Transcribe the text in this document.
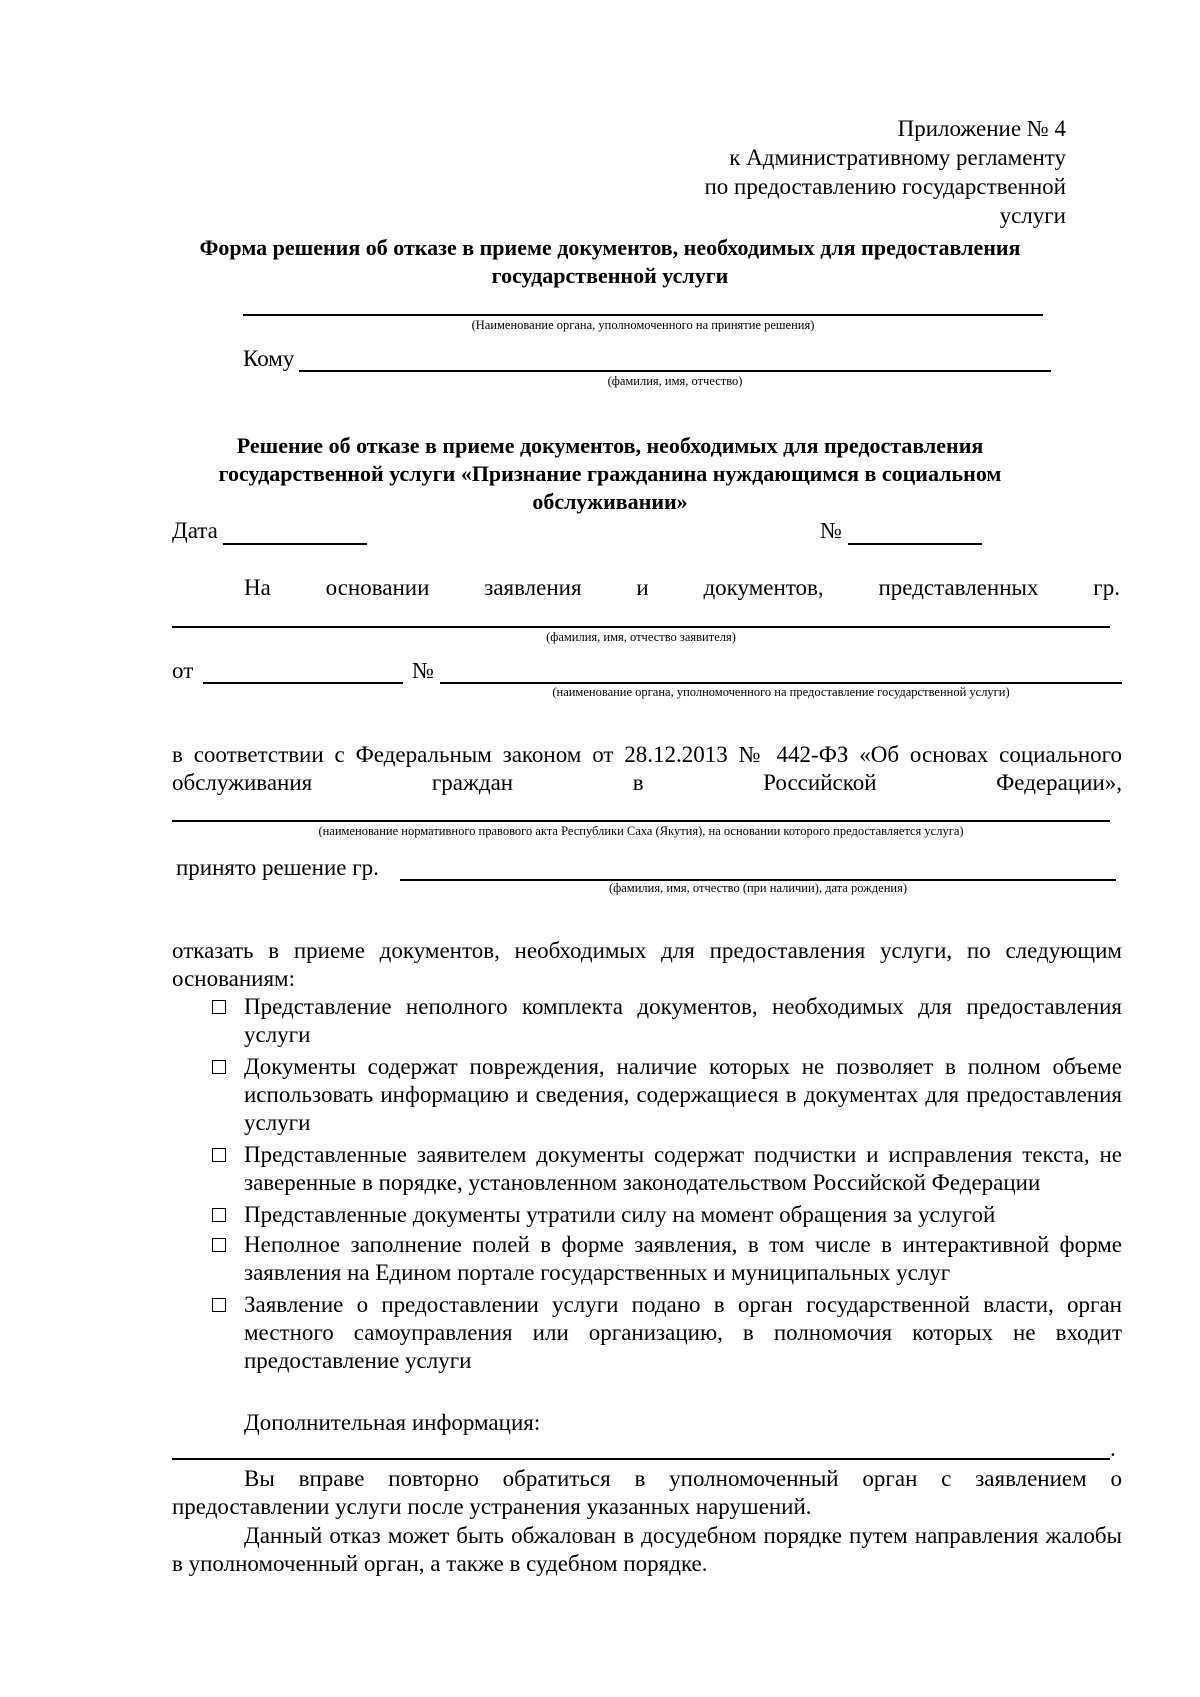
Приложение № 4
к Административному регламенту
по предоставлению государственной
услуги
Форма решения об отказе в приеме документов, необходимых для предоставления
государственной услуги
(Наименование органа, уполномоченного на принятие решения)
Кому
(фамилия, имя, отчество)
Решение об отказе в приеме документов, необходимых для предоставления
государственной услуги «Признание гражданина нуждающимся в социальном
обслуживании»
Дата	№
На основании заявления и документов, представленных гр.
(фамилия, имя, отчество заявителя)
от	№
(наименование органа, уполномоченного на предоставление государственной услуги)
в соответствии с Федеральным законом от 28.12.2013 № 442-ФЗ «Об основах социального
обслуживания	граждан	в	Российской	Федерации»,
(наименование нормативного правового акта Республики Саха (Якутия), на основании которого предоставляется услуга)
принято решение гр.
(фамилия, имя, отчество (при наличии), дата рождения)
отказать в приеме документов, необходимых для предоставления услуги, по следующим основаниям:
Представление неполного комплекта документов, необходимых для предоставления услуги
Документы содержат повреждения, наличие которых не позволяет в полном объеме использовать информацию и сведения, содержащиеся в документах для предоставления услуги
Представленные заявителем документы содержат подчистки и исправления текста, не заверенные в порядке, установленном законодательством Российской Федерации
Представленные документы утратили силу на момент обращения за услугой
Неполное заполнение полей в форме заявления, в том числе в интерактивной форме заявления на Едином портале государственных и муниципальных услуг
Заявление о предоставлении услуги подано в орган государственной власти, орган местного самоуправления или организацию, в полномочия которых не входит предоставление услуги
Дополнительная информация:
.
Вы вправе повторно обратиться в уполномоченный орган с заявлением о предоставлении услуги после устранения указанных нарушений.
Данный отказ может быть обжалован в досудебном порядке путем направления жалобы в уполномоченный орган, а также в судебном порядке.
